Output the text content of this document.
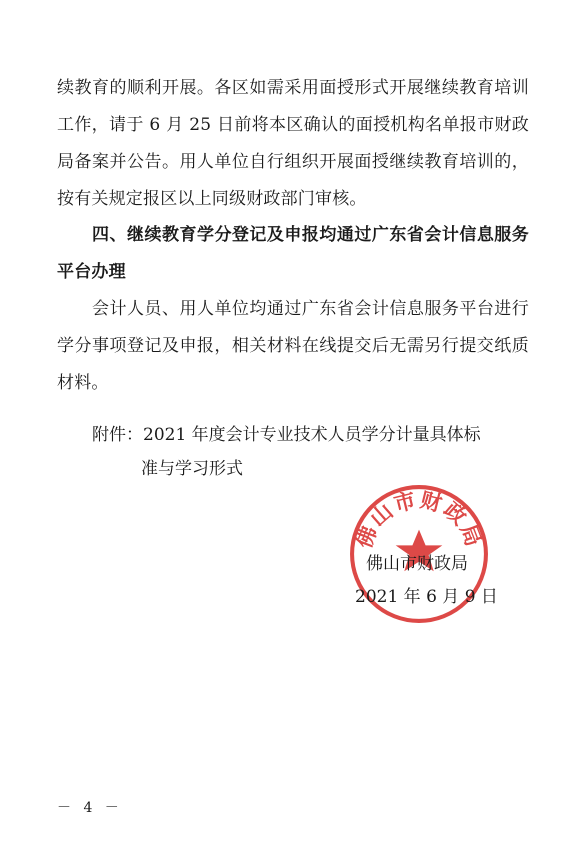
续教育的顺利开展。各区如需采用面授形式开展继续教育培训
工作，请于 6 月 25 日前将本区确认的面授机构名单报市财政
局备案并公告。用人单位自行组织开展面授继续教育培训的，
按有关规定报区以上同级财政部门审核。
四、继续教育学分登记及申报均通过广东省会计信息服务
平台办理
会计人员、用人单位均通过广东省会计信息服务平台进行
学分事项登记及申报，相关材料在线提交后无需另行提交纸质
材料。
附件：2021 年度会计专业技术人员学分计量具体标
准与学习形式
佛山市财政局
佛山市财政局
2021 年 6 月 9 日
－ 4 －
